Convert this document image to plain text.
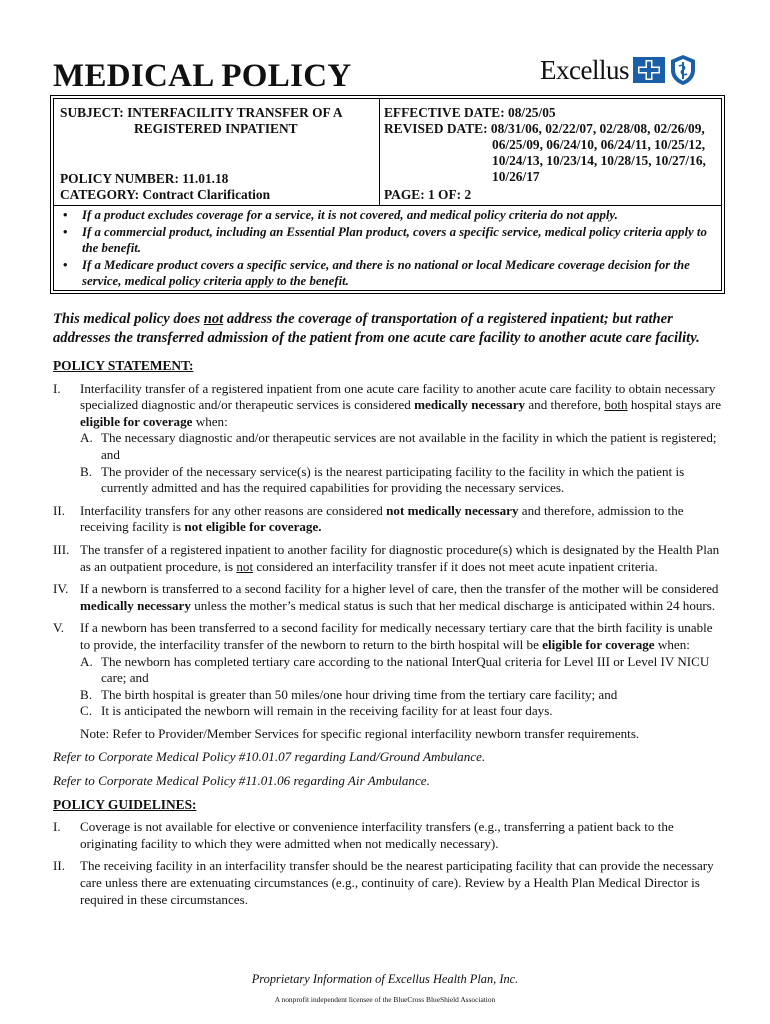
MEDICAL POLICY	Excellus
SUBJECT: INTERFACILITY TRANSFER OF A
REGISTERED INPATIENT
POLICY NUMBER: 11.01.18
CATEGORY: Contract Clarification
EFFECTIVE DATE: 08/25/05
REVISED DATE: 08/31/06, 02/22/07, 02/28/08, 02/26/09,
06/25/09, 06/24/10, 06/24/11, 10/25/12,
10/24/13, 10/23/14, 10/28/15, 10/27/16,
10/26/17
PAGE: 1 OF: 2
• If a product excludes coverage for a service, it is not covered, and medical policy criteria do not apply.
• If a commercial product, including an Essential Plan product, covers a specific service, medical policy criteria apply to the benefit.
• If a Medicare product covers a specific service, and there is no national or local Medicare coverage decision for the service, medical policy criteria apply to the benefit.

This medical policy does not address the coverage of transportation of a registered inpatient; but rather addresses the transferred admission of the patient from one acute care facility to another acute care facility.

POLICY STATEMENT:
I.	Interfacility transfer of a registered inpatient from one acute care facility to another acute care facility to obtain necessary specialized diagnostic and/or therapeutic services is considered medically necessary and therefore, both hospital stays are eligible for coverage when:
A. The necessary diagnostic and/or therapeutic services are not available in the facility in which the patient is registered; and
B. The provider of the necessary service(s) is the nearest participating facility to the facility in which the patient is currently admitted and has the required capabilities for providing the necessary services.
II.	Interfacility transfers for any other reasons are considered not medically necessary and therefore, admission to the receiving facility is not eligible for coverage.
III. The transfer of a registered inpatient to another facility for diagnostic procedure(s) which is designated by the Health Plan as an outpatient procedure, is not considered an interfacility transfer if it does not meet acute inpatient criteria.
IV. If a newborn is transferred to a second facility for a higher level of care, then the transfer of the mother will be considered medically necessary unless the mother’s medical status is such that her medical discharge is anticipated within 24 hours.
V.	If a newborn has been transferred to a second facility for medically necessary tertiary care that the birth facility is unable to provide, the interfacility transfer of the newborn to return to the birth hospital will be eligible for coverage when:
A. The newborn has completed tertiary care according to the national InterQual criteria for Level III or Level IV NICU care; and
B. The birth hospital is greater than 50 miles/one hour driving time from the tertiary care facility; and
C. It is anticipated the newborn will remain in the receiving facility for at least four days.
Note: Refer to Provider/Member Services for specific regional interfacility newborn transfer requirements.
Refer to Corporate Medical Policy #10.01.07 regarding Land/Ground Ambulance.
Refer to Corporate Medical Policy #11.01.06 regarding Air Ambulance.
POLICY GUIDELINES:
I.	Coverage is not available for elective or convenience interfacility transfers (e.g., transferring a patient back to the originating facility to which they were admitted when not medically necessary).
II.	The receiving facility in an interfacility transfer should be the nearest participating facility that can provide the necessary care unless there are extenuating circumstances (e.g., continuity of care). Review by a Health Plan Medical Director is required in these circumstances.
Proprietary Information of Excellus Health Plan, Inc.
A nonprofit independent licensee of the BlueCross BlueShield Association
